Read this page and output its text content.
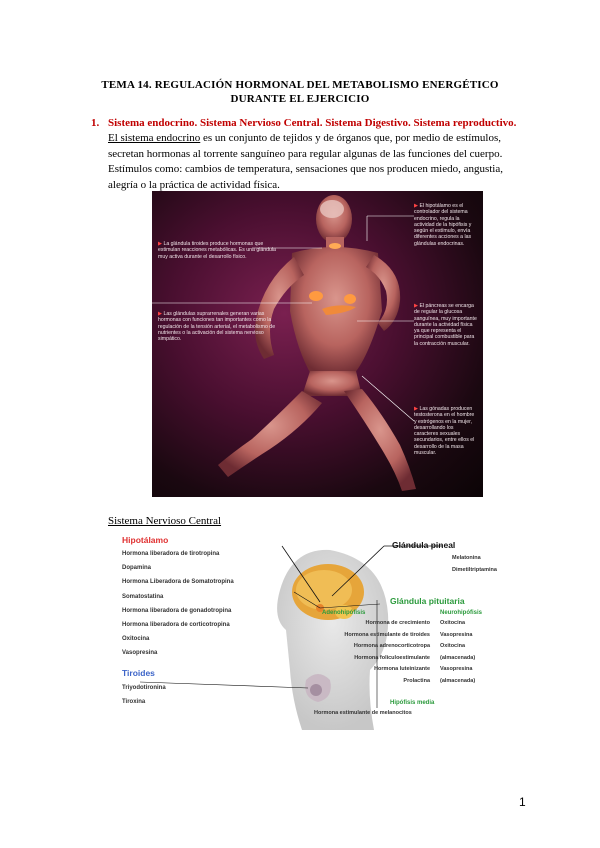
TEMA 14. REGULACIÓN HORMONAL DEL METABOLISMO ENERGÉTICO
DURANTE EL EJERCICIO
1. Sistema endocrino. Sistema Nervioso Central. Sistema Digestivo. Sistema reproductivo.
El sistema endocrino es un conjunto de tejidos y de órganos que, por medio de estímulos, secretan hormonas al torrente sanguíneo para regular algunas de las funciones del cuerpo. Estímulos como: cambios de temperatura, sensaciones que nos producen miedo, angustia, alegría o la práctica de actividad física.
▶ El hipotálamo es el controlador del sistema endocrino, regula la actividad de la hipófisis y según el estímulo, envía diferentes acciones a las glándulas endocrinas.
▶ La glándula tiroides produce hormonas que estimulan reacciones metabólicas. Es una glándula muy activa durante el desarrollo físico.
▶ Las glándulas suprarrenales generan varias hormonas con funciones tan importantes como la regulación de la tensión arterial, el metabolismo de nutrientes o la activación del sistema nervioso simpático.
▶ El páncreas se encarga de regular la glucosa sanguínea, muy importante durante la actividad física ya que representa el principal combustible para la contracción muscular.
▶ Las gónadas producen testosterona en el hombre y estrógenos en la mujer, desarrollando los caracteres sexuales secundarios, entre ellos el desarrollo de la masa muscular.
Sistema Nervioso Central
Hipotálamo
Hormona liberadora de tirotropina
Dopamina
Hormona Liberadora de Somatotropina
Somatostatina
Hormona liberadora de gonadotropina
Hormona liberadora de corticotropina
Oxitocina
Vasopresina
Tiroides
Triyodotironina
Tiroxina
Glándula pineal
Melatonina
Dimetiltriptamina
Glándula pituitaria
Adenohipófisis
Hormona de crecimiento
Hormona estimulante de tiroides
Hormona adrenocorticotropa
Hormona foliculoestimulante
Hormona luteinizante
Prolactina
Neurohipófisis
Oxitocina
Vasopresina
Oxitocina (almacenada)
Vasopresina (almacenada)
Hipófisis media
Hormona estimulante de melanocitos
1
